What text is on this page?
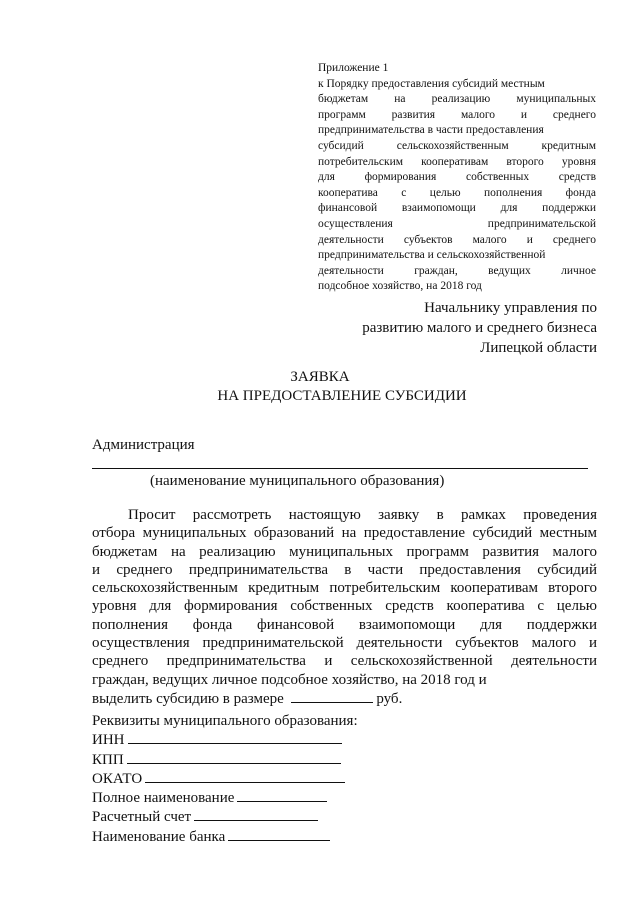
Приложение 1
к Порядку предоставления субсидий местным
бюджетам на реализацию муниципальных
программ развития малого и среднего
предпринимательства в части предоставления
субсидий сельскохозяйственным кредитным
потребительским кооперативам второго уровня
для формирования собственных средств
кооператива с целью пополнения фонда
финансовой взаимопомощи для поддержки
осуществления предпринимательской
деятельности субъектов малого и среднего
предпринимательства и сельскохозяйственной
деятельности граждан, ведущих личное
подсобное хозяйство, на 2018 год
Начальнику управления по
развитию малого и среднего бизнеса
Липецкой области
ЗАЯВКА
НА ПРЕДОСТАВЛЕНИЕ СУБСИДИИ
Администрация
(наименование муниципального образования)
Просит рассмотреть настоящую заявку в рамках проведения
отбора муниципальных образований на предоставление субсидий местным
бюджетам на реализацию муниципальных программ развития малого
и среднего предпринимательства в части предоставления субсидий
сельскохозяйственным кредитным потребительским кооперативам второго
уровня для формирования собственных средств кооператива с целью
пополнения фонда финансовой взаимопомощи для поддержки
осуществления предпринимательской деятельности субъектов малого и
среднего предпринимательства и сельскохозяйственной деятельности
граждан, ведущих личное подсобное хозяйство, на 2018 год и
выделить субсидию в размере	руб.
Реквизиты муниципального образования:
ИНН
КПП
ОКАТО
Полное наименование
Расчетный счет
Наименование банка
